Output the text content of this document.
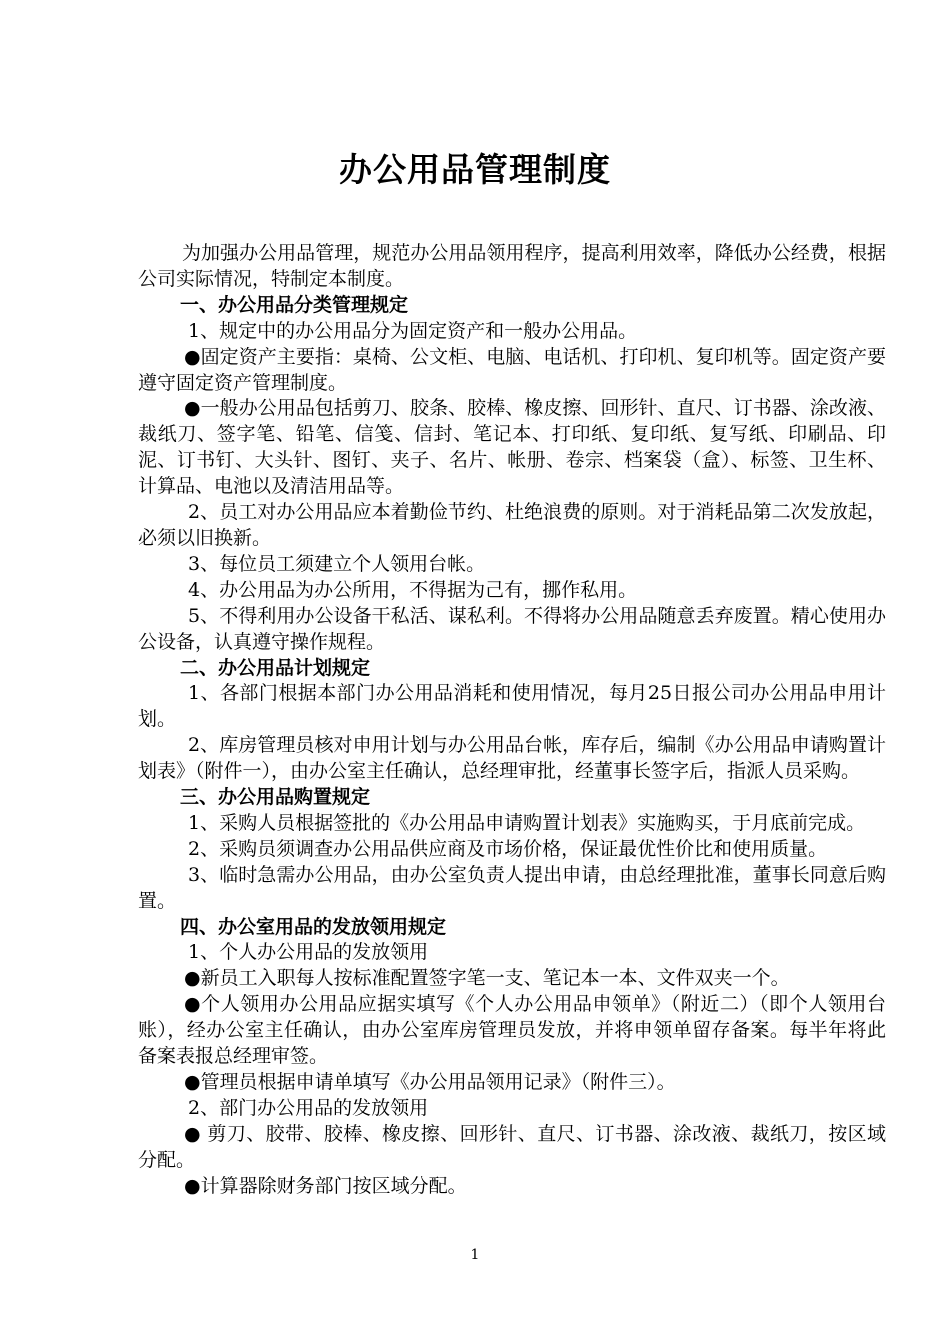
办公用品管理制度

为加强办公用品管理，规范办公用品领用程序，提高利用效率，降低办公经费，根据公司实际情况，特制定本制度。

一、办公用品分类管理规定

1、规定中的办公用品分为固定资产和一般办公用品。

●固定资产主要指：桌椅、公文柜、电脑、电话机、打印机、复印机等。固定资产要遵守固定资产管理制度。

●一般办公用品包括剪刀、胶条、胶棒、橡皮擦、回形针、直尺、订书器、涂改液、裁纸刀、签字笔、铅笔、信笺、信封、笔记本、打印纸、复印纸、复写纸、印刷品、印泥、订书钉、大头针、图钉、夹子、名片、帐册、卷宗、档案袋（盒）、标签、卫生杯、计算品、电池以及清洁用品等。

2、员工对办公用品应本着勤俭节约、杜绝浪费的原则。对于消耗品第二次发放起，必须以旧换新。

3、每位员工须建立个人领用台帐。

4、办公用品为办公所用，不得据为己有，挪作私用。

5、不得利用办公设备干私活、谋私利。不得将办公用品随意丢弃废置。精心使用办公设备，认真遵守操作规程。

二、办公用品计划规定

1、各部门根据本部门办公用品消耗和使用情况，每月25日报公司办公用品申用计划。

2、库房管理员核对申用计划与办公用品台帐，库存后，编制《办公用品申请购置计划表》（附件一），由办公室主任确认，总经理审批，经董事长签字后，指派人员采购。

三、办公用品购置规定

1、采购人员根据签批的《办公用品申请购置计划表》实施购买，于月底前完成。

2、采购员须调查办公用品供应商及市场价格，保证最优性价比和使用质量。

3、临时急需办公用品，由办公室负责人提出申请，由总经理批准，董事长同意后购置。

四、办公室用品的发放领用规定

1、个人办公用品的发放领用

●新员工入职每人按标准配置签字笔一支、笔记本一本、文件双夹一个。

●个人领用办公用品应据实填写《个人办公用品申领单》（附近二）（即个人领用台账），经办公室主任确认，由办公室库房管理员发放，并将申领单留存备案。每半年将此备案表报总经理审签。

●管理员根据申请单填写《办公用品领用记录》（附件三）。

2、部门办公用品的发放领用

● 剪刀、胶带、胶棒、橡皮擦、回形针、直尺、订书器、涂改液、裁纸刀，按区域分配。

●计算器除财务部门按区域分配。

1
